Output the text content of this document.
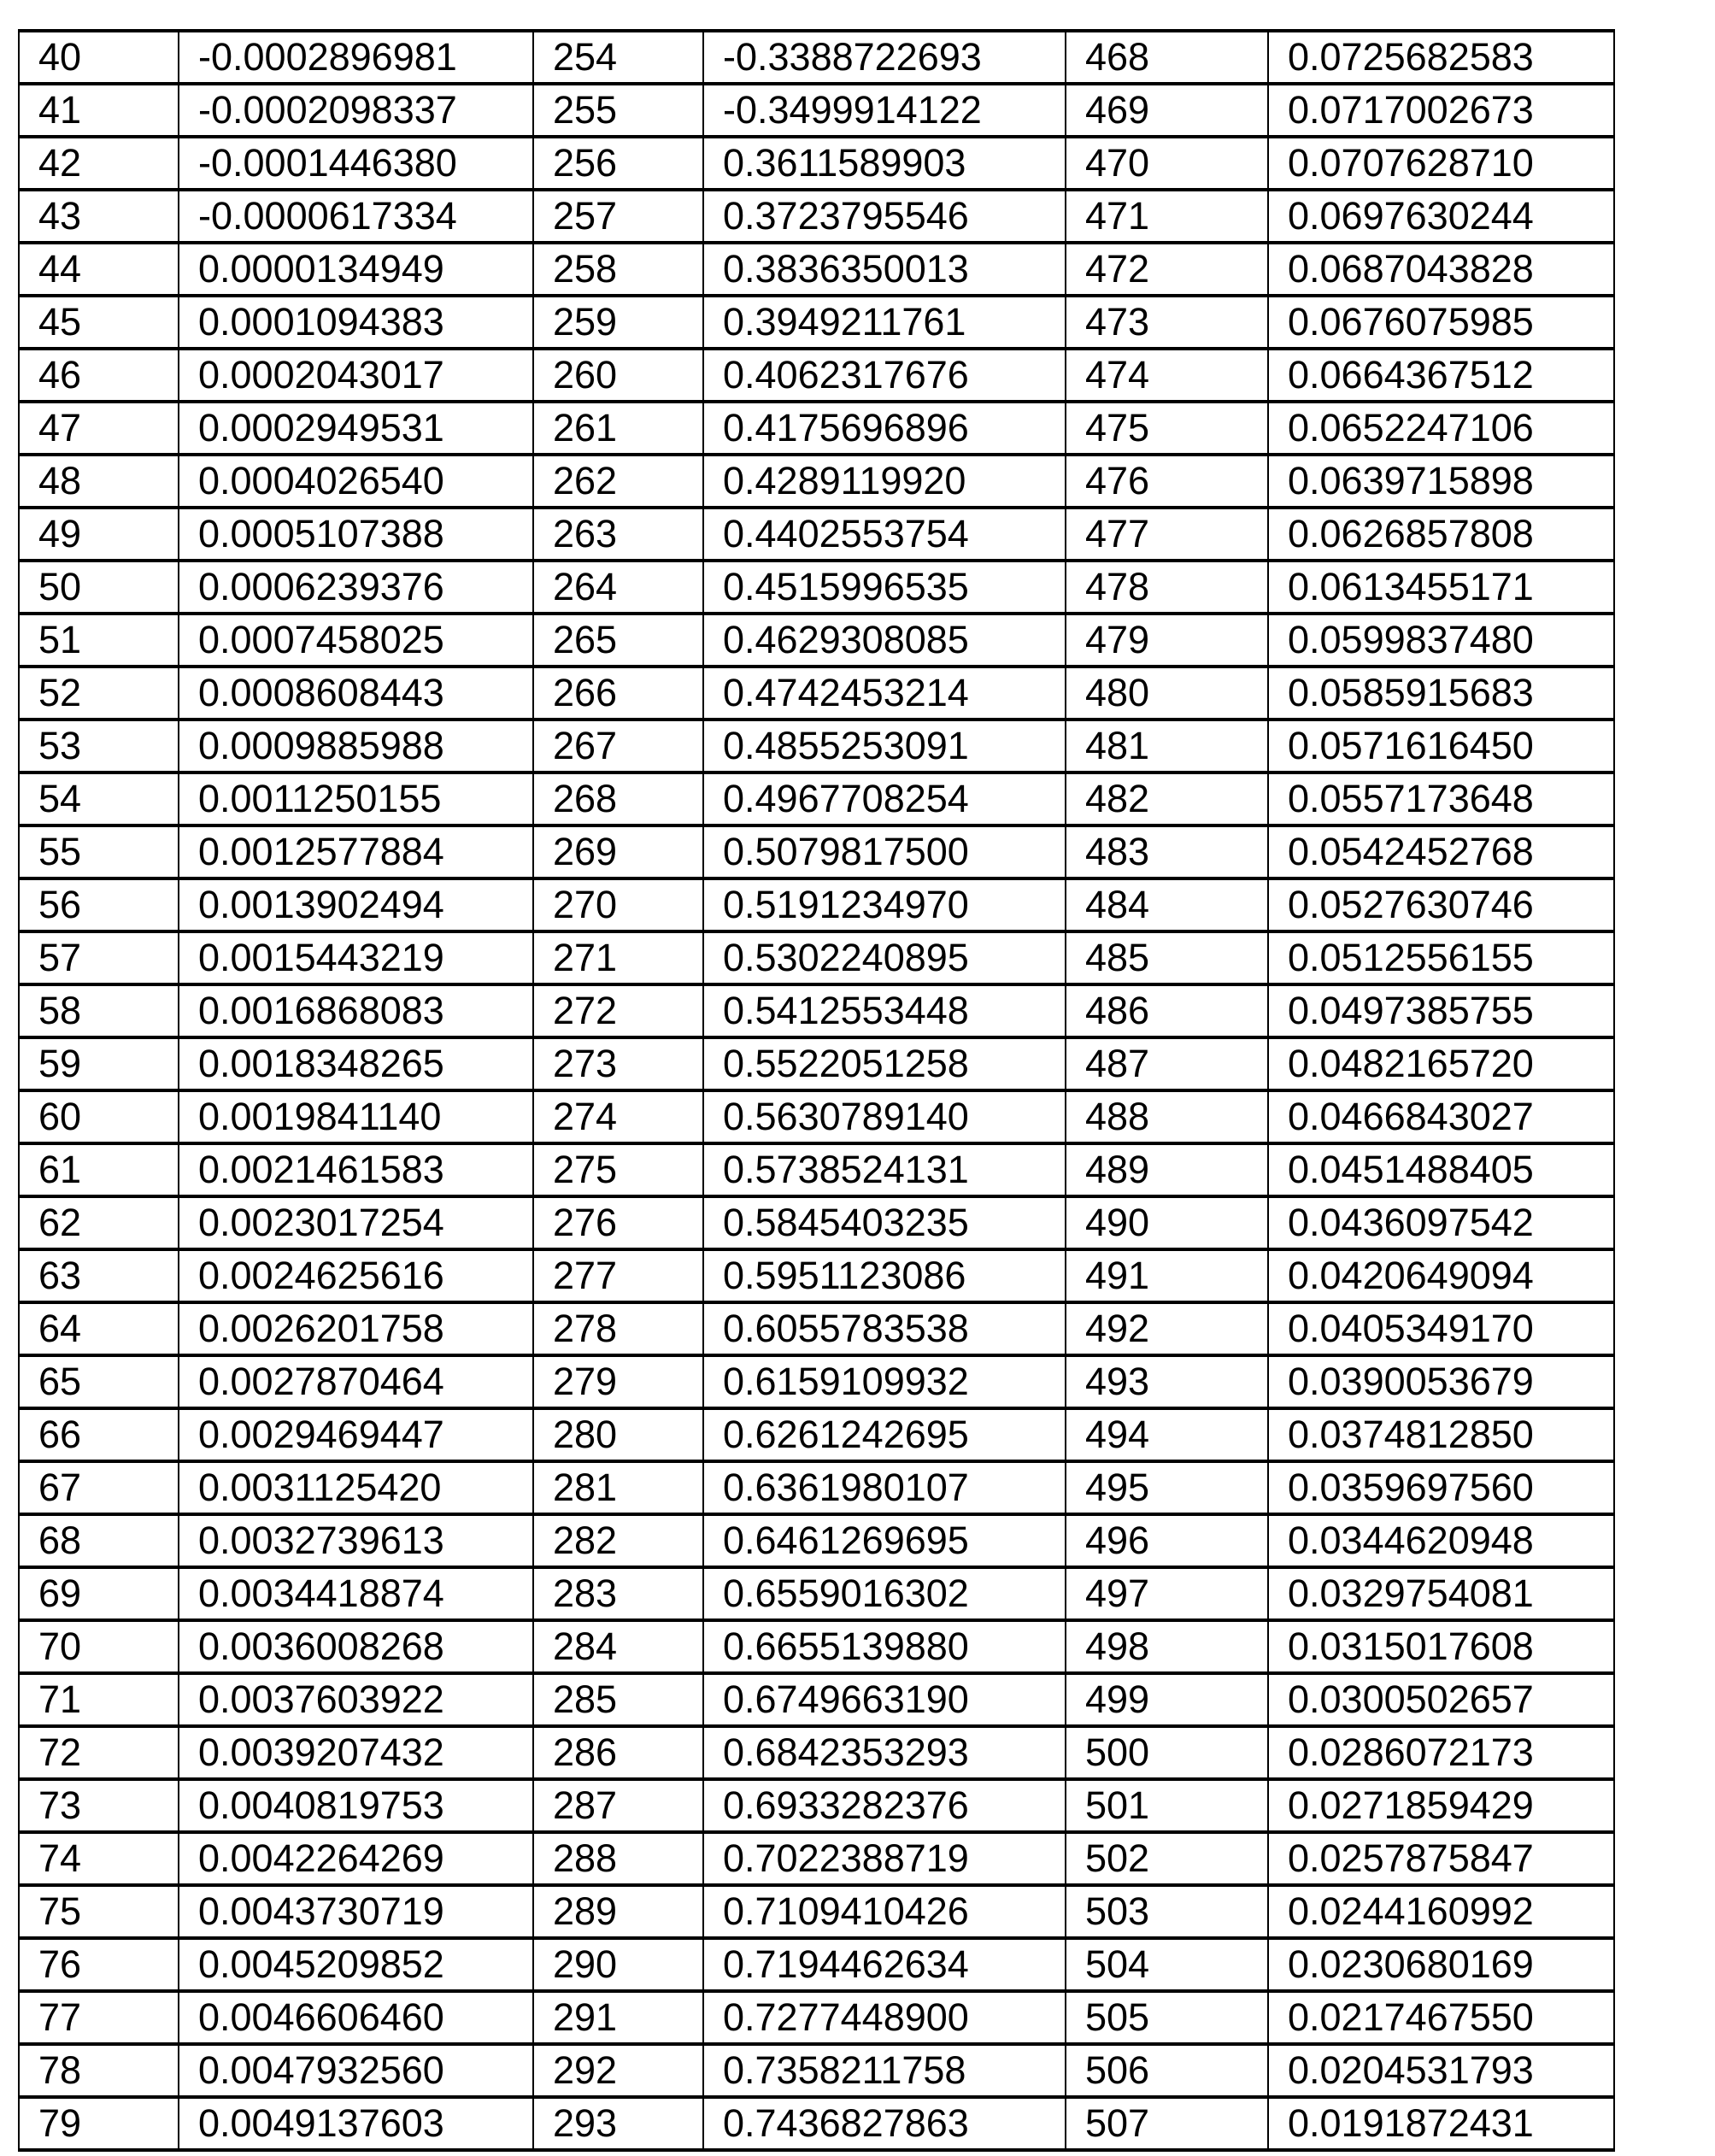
40	-0.0002896981	254	-0.3388722693	468	0.0725682583
41	-0.0002098337	255	-0.3499914122	469	0.0717002673
42	-0.0001446380	256	0.3611589903	470	0.0707628710
43	-0.0000617334	257	0.3723795546	471	0.0697630244
44	0.0000134949	258	0.3836350013	472	0.0687043828
45	0.0001094383	259	0.3949211761	473	0.0676075985
46	0.0002043017	260	0.4062317676	474	0.0664367512
47	0.0002949531	261	0.4175696896	475	0.0652247106
48	0.0004026540	262	0.4289119920	476	0.0639715898
49	0.0005107388	263	0.4402553754	477	0.0626857808
50	0.0006239376	264	0.4515996535	478	0.0613455171
51	0.0007458025	265	0.4629308085	479	0.0599837480
52	0.0008608443	266	0.4742453214	480	0.0585915683
53	0.0009885988	267	0.4855253091	481	0.0571616450
54	0.0011250155	268	0.4967708254	482	0.0557173648
55	0.0012577884	269	0.5079817500	483	0.0542452768
56	0.0013902494	270	0.5191234970	484	0.0527630746
57	0.0015443219	271	0.5302240895	485	0.0512556155
58	0.0016868083	272	0.5412553448	486	0.0497385755
59	0.0018348265	273	0.5522051258	487	0.0482165720
60	0.0019841140	274	0.5630789140	488	0.0466843027
61	0.0021461583	275	0.5738524131	489	0.0451488405
62	0.0023017254	276	0.5845403235	490	0.0436097542
63	0.0024625616	277	0.5951123086	491	0.0420649094
64	0.0026201758	278	0.6055783538	492	0.0405349170
65	0.0027870464	279	0.6159109932	493	0.0390053679
66	0.0029469447	280	0.6261242695	494	0.0374812850
67	0.0031125420	281	0.6361980107	495	0.0359697560
68	0.0032739613	282	0.6461269695	496	0.0344620948
69	0.0034418874	283	0.6559016302	497	0.0329754081
70	0.0036008268	284	0.6655139880	498	0.0315017608
71	0.0037603922	285	0.6749663190	499	0.0300502657
72	0.0039207432	286	0.6842353293	500	0.0286072173
73	0.0040819753	287	0.6933282376	501	0.0271859429
74	0.0042264269	288	0.7022388719	502	0.0257875847
75	0.0043730719	289	0.7109410426	503	0.0244160992
76	0.0045209852	290	0.7194462634	504	0.0230680169
77	0.0046606460	291	0.7277448900	505	0.0217467550
78	0.0047932560	292	0.7358211758	506	0.0204531793
79	0.0049137603	293	0.7436827863	507	0.0191872431
